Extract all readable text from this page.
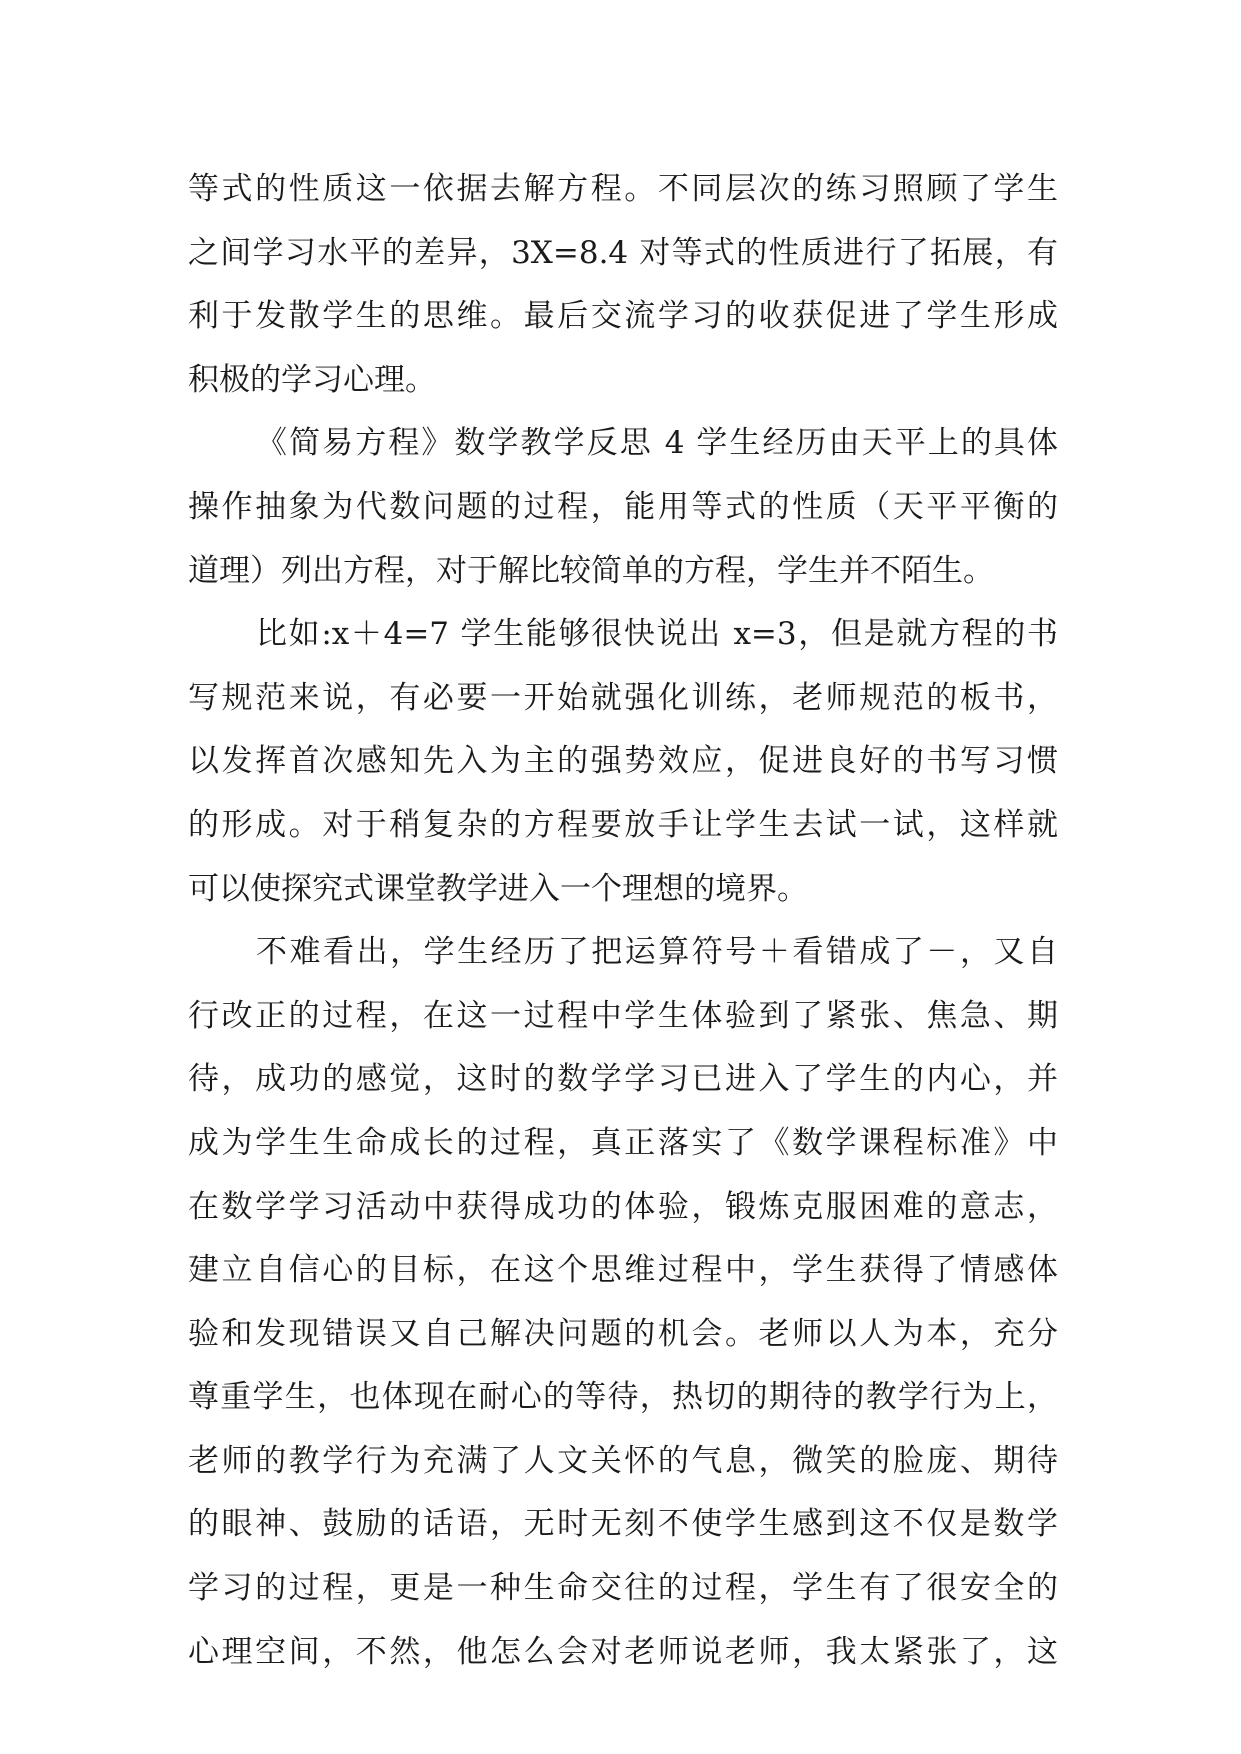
等式的性质这一依据去解方程。不同层次的练习照顾了学生
之间学习水平的差异，3X=8.4 对等式的性质进行了拓展，有
利于发散学生的思维。最后交流学习的收获促进了学生形成
积极的学习心理。
《简易方程》数学教学反思 4 学生经历由天平上的具体
操作抽象为代数问题的过程，能用等式的性质（天平平衡的
道理）列出方程，对于解比较简单的方程，学生并不陌生。
比如:x＋4=7 学生能够很快说出 x=3，但是就方程的书
写规范来说，有必要一开始就强化训练，老师规范的板书，
以发挥首次感知先入为主的强势效应，促进良好的书写习惯
的形成。对于稍复杂的方程要放手让学生去试一试，这样就
可以使探究式课堂教学进入一个理想的境界。
不难看出，学生经历了把运算符号＋看错成了－，又自
行改正的过程，在这一过程中学生体验到了紧张、焦急、期
待，成功的感觉，这时的数学学习已进入了学生的内心，并
成为学生生命成长的过程，真正落实了《数学课程标准》中
在数学学习活动中获得成功的体验，锻炼克服困难的意志，
建立自信心的目标，在这个思维过程中，学生获得了情感体
验和发现错误又自己解决问题的机会。老师以人为本，充分
尊重学生，也体现在耐心的等待，热切的期待的教学行为上，
老师的教学行为充满了人文关怀的气息，微笑的脸庞、期待
的眼神、鼓励的话语，无时无刻不使学生感到这不仅是数学
学习的过程，更是一种生命交往的过程，学生有了很安全的
心理空间，不然，他怎么会对老师说老师，我太紧张了，这
